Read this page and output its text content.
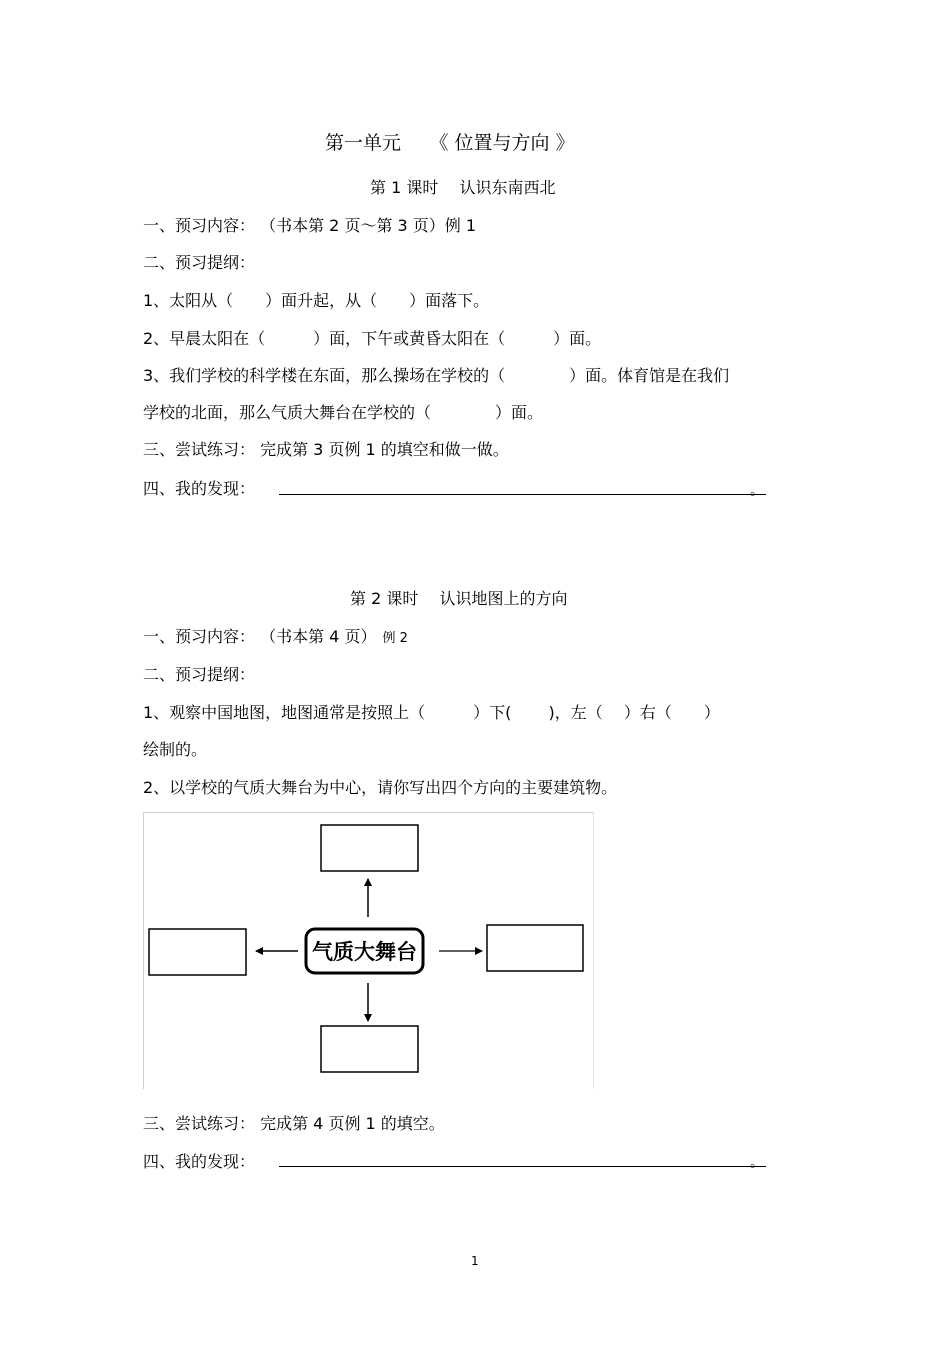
第一单元　　《 位置与方向 》
第 1 课时　 认识东南西北
一、预习内容： （书本第 2 页～第 3 页）例 1
二、预习提纲：
1、太阳从（　　）面升起，从（　　）面落下。
2、早晨太阳在（　　　）面，下午或黄昏太阳在（　　　）面。
3、我们学校的科学楼在东面，那么操场在学校的（　　　　）面。体育馆是在我们
学校的北面，那么气质大舞台在学校的（　　　　）面。
三、尝试练习： 完成第 3 页例 1 的填空和做一做。
四、我的发现：	。
第 2 课时　 认识地图上的方向
一、预习内容： （书本第 4 页） 例 2
二、预习提纲：
1、观察中国地图，地图通常是按照上（　　　）下(　　 )，左（　 ）右（　　）
绘制的。
2、以学校的气质大舞台为中心，请你写出四个方向的主要建筑物。
气质大舞台
三、尝试练习： 完成第 4 页例 1 的填空。
四、我的发现：	。
1
